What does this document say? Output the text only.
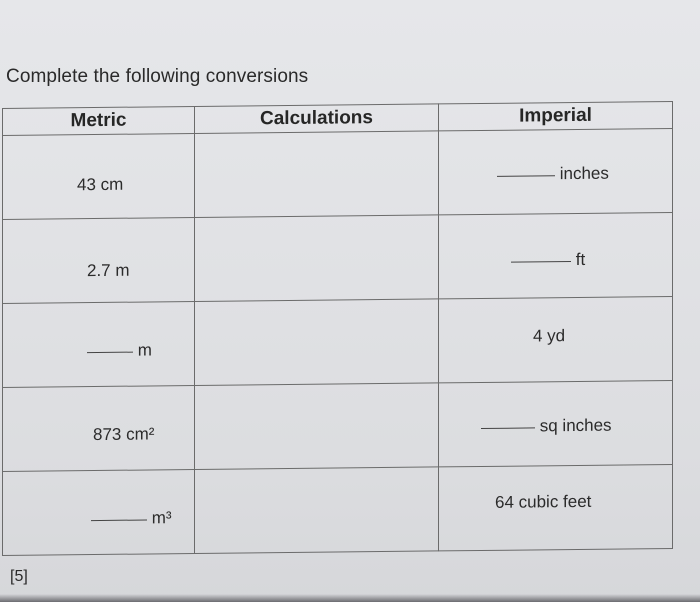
Complete the following conversions
Metric	Calculations	Imperial

43 cm		inches

2.7 m		ft

m		4 yd

873 cm²		sq inches

m³		64 cubic feet
[5]
